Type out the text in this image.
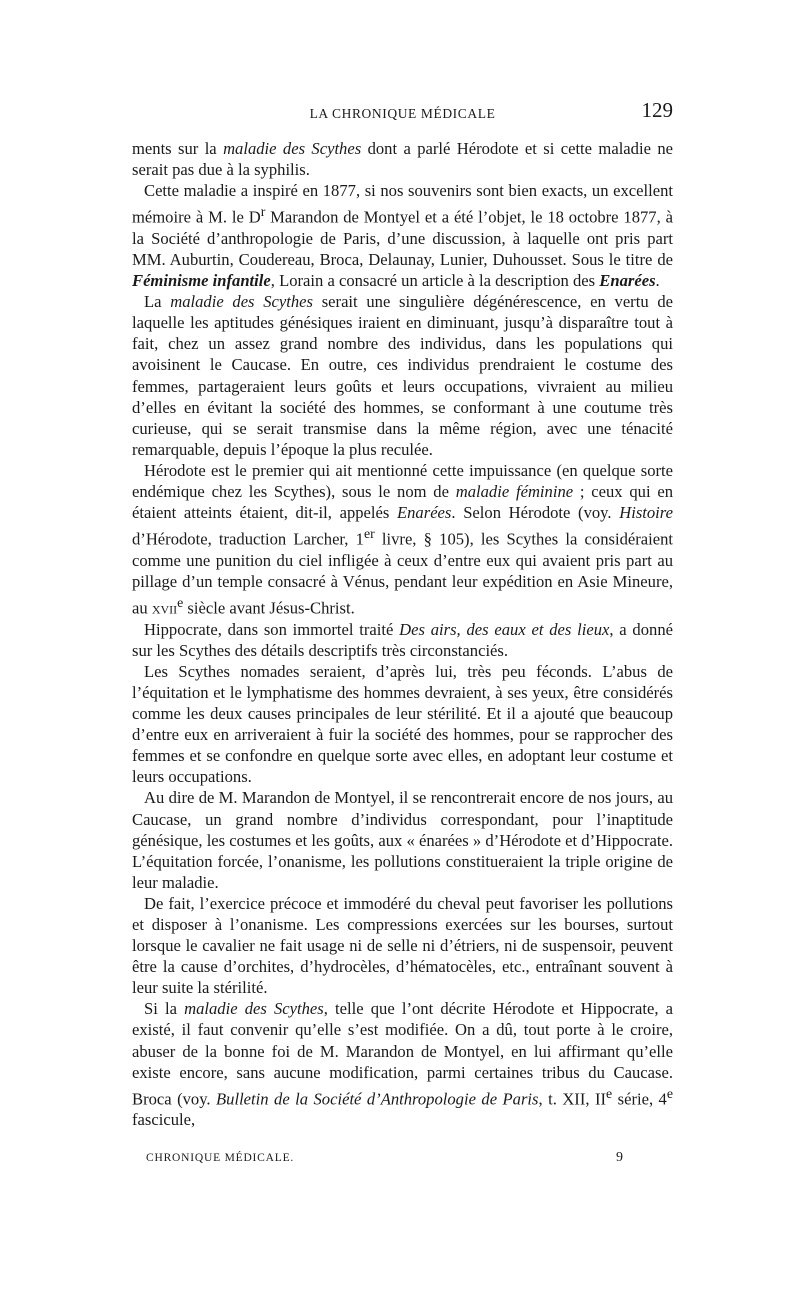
LA CHRONIQUE MÉDICALE	129

ments sur la maladie des Scythes dont a parlé Hérodote et si cette maladie ne serait pas due à la syphilis.

Cette maladie a inspiré en 1877, si nos souvenirs sont bien exacts, un excellent mémoire à M. le $D^r$ Marandon de Montyel et a été l’objet, le 18 octobre 1877, à la Société d’anthropologie de Paris, d’une discussion, à laquelle ont pris part MM. Auburtin, Coudereau, Broca, Delaunay, Lunier, Duhousset. Sous le titre de Féminisme infantile, Lorain a consacré un article à la description des Enarées.

La maladie des Scythes serait une singulière dégénérescence, en vertu de laquelle les aptitudes génésiques iraient en diminuant, jusqu’à disparaître tout à fait, chez un assez grand nombre des individus, dans les populations qui avoisinent le Caucase. En outre, ces individus prendraient le costume des femmes, partageraient leurs goûts et leurs occupations, vivraient au milieu d’elles en évitant la société des hommes, se conformant à une coutume très curieuse, qui se serait transmise dans la même région, avec une ténacité remarquable, depuis l’époque la plus reculée.

Hérodote est le premier qui ait mentionné cette impuissance (en quelque sorte endémique chez les Scythes), sous le nom de maladie féminine ; ceux qui en étaient atteints étaient, dit-il, appelés Enarées. Selon Hérodote (voy. Histoire d’Hérodote, traduction Larcher, 1er livre, § 105), les Scythes la considéraient comme une punition du ciel infligée à ceux d’entre eux qui avaient pris part au pillage d’un temple consacré à Vénus, pendant leur expédition en Asie Mineure, au xvii$^e$ siècle avant Jésus-Christ.

Hippocrate, dans son immortel traité Des airs, des eaux et des lieux, a donné sur les Scythes des détails descriptifs très circonstanciés.

Les Scythes nomades seraient, d’après lui, très peu féconds. L’abus de l’équitation et le lymphatisme des hommes devraient, à ses yeux, être considérés comme les deux causes principales de leur stérilité. Et il a ajouté que beaucoup d’entre eux en arriveraient à fuir la société des hommes, pour se rapprocher des femmes et se confondre en quelque sorte avec elles, en adoptant leur costume et leurs occupations.

Au dire de M. Marandon de Montyel, il se rencontrerait encore de nos jours, au Caucase, un grand nombre d’individus correspondant, pour l’inaptitude génésique, les costumes et les goûts, aux « énarées » d’Hérodote et d’Hippocrate. L’équitation forcée, l’onanisme, les pollutions constitueraient la triple origine de leur maladie.

De fait, l’exercice précoce et immodéré du cheval peut favoriser les pollutions et disposer à l’onanisme. Les compressions exercées sur les bourses, surtout lorsque le cavalier ne fait usage ni de selle ni d’étriers, ni de suspensoir, peuvent être la cause d’orchites, d’hydrocèles, d’hématocèles, etc., entraînant souvent à leur suite la stérilité.

Si la maladie des Scythes, telle que l’ont décrite Hérodote et Hippocrate, a existé, il faut convenir qu’elle s’est modifiée. On a dû, tout porte à le croire, abuser de la bonne foi de M. Marandon de Montyel, en lui affirmant qu’elle existe encore, sans aucune modification, parmi certaines tribus du Caucase. Broca (voy. Bulletin de la Société d’Anthropologie de Paris, t. XII, IIe série, 4e fascicule,

CHRONIQUE MÉDICALE.	9
